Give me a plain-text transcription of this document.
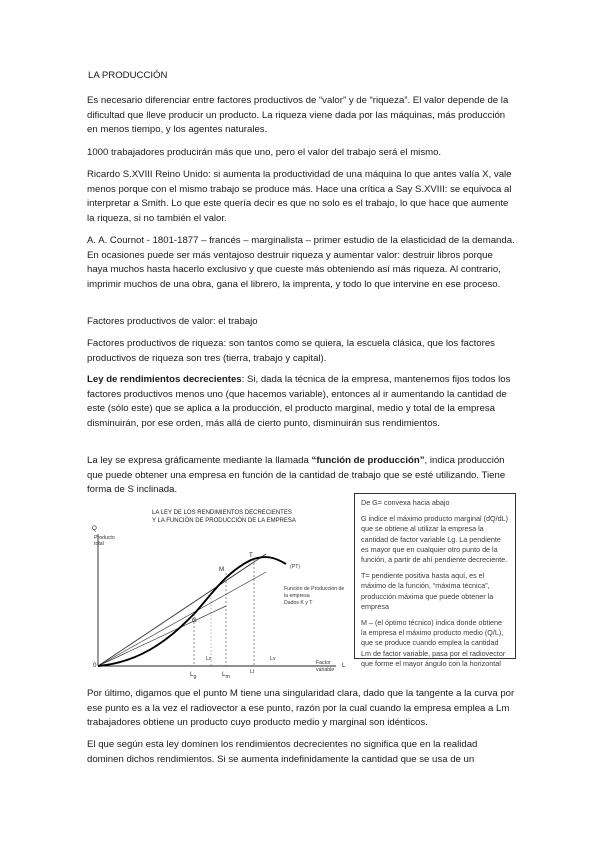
LA PRODUCCIÓN

Es necesario diferenciar entre factores productivos de “valor” y de “riqueza”. El valor depende de la dificultad que lleve producir un producto. La riqueza viene dada por las máquinas, más producción en menos tiempo, y los agentes naturales.

1000 trabajadores producirán más que uno, pero el valor del trabajo será el mismo.

Ricardo S.XVIII Reino Unido: si aumenta la productividad de una máquina lo que antes valía X, vale menos porque con el mismo trabajo se produce más. Hace una crítica a Say S.XVIII: se equivoca al interpretar a Smith. Lo que este quería decir es que no solo es el trabajo, lo que hace que aumente la riqueza, si no también el valor.

A. A. Cournot - 1801-1877 – francés – marginalista – primer estudio de la elasticidad de la demanda. En ocasiones puede ser más ventajoso destruir riqueza y aumentar valor: destruir libros porque haya muchos hasta hacerlo exclusivo y que cueste más obteniendo así más riqueza. Al contrario, imprimir muchos de una obra, gana el librero, la imprenta, y todo lo que intervine en ese proceso.

Factores productivos de valor: el trabajo

Factores productivos de riqueza: son tantos como se quiera, la escuela clásica, que los factores productivos de riqueza son tres (tierra, trabajo y capital).

Ley de rendimientos decrecientes: Si, dada la técnica de la empresa, mantenemos fijos todos los factores productivos menos uno (que hacemos variable), entonces al ir aumentando la cantidad de este (sólo este) que se aplica a la producción, el producto marginal, medio y total de la empresa disminuirán, por ese orden, más allá de cierto punto, disminuirán sus rendimientos.

La ley se expresa gráficamente mediante la llamada “función de producción”, indica producción que puede obtener una empresa en función de la cantidad de trabajo que se esté utilizando. Tiene forma de S inclinada.

LA LEY DE LOS RENDIMIENTOS DECRECIENTES
Y LA FUNCIÓN DE PRODUCCIÓN DE LA EMPRESA
Q
Producto
total
L
Factor
variable
0
G
M
T
(PT)
Función de Producción de
la empresa
Dados K y T
$L_g$
Lc
$L_m$
Lt
Lv

De G= convexa hacia abajo

G indice el máximo producto marginal (dQ/dL) que se obtiene al utilizar la empresa la cantidad de factor variable Lg. La pendiente es mayor que en cualquier otro punto de la función, a partir de ahí pendiente decreciente.

T= pendiente positiva hasta aquí, es el máximo de la función, “máxima técnica”, producción máxima que puede obtener la empresa

M – (el óptimo técnico) indica donde obtiene la empresa el máximo producto medio (Q/L), que se produce cuando emplea la cantidad Lm de factor variable, pasa por el radiovector que forme el mayor ángulo con la horizontal

Por último, digamos que el punto M tiene una singularidad clara, dado que la tangente a la curva por ese punto es a la vez el radiovector a ese punto, razón por la cual cuando la empresa emplea a Lm trabajadores obtiene un producto cuyo producto medio y marginal son idénticos.

El que según esta ley dominen los rendimientos decrecientes no significa que en la realidad dominen dichos rendimientos. Si se aumenta indefinidamente la cantidad que se usa de un
